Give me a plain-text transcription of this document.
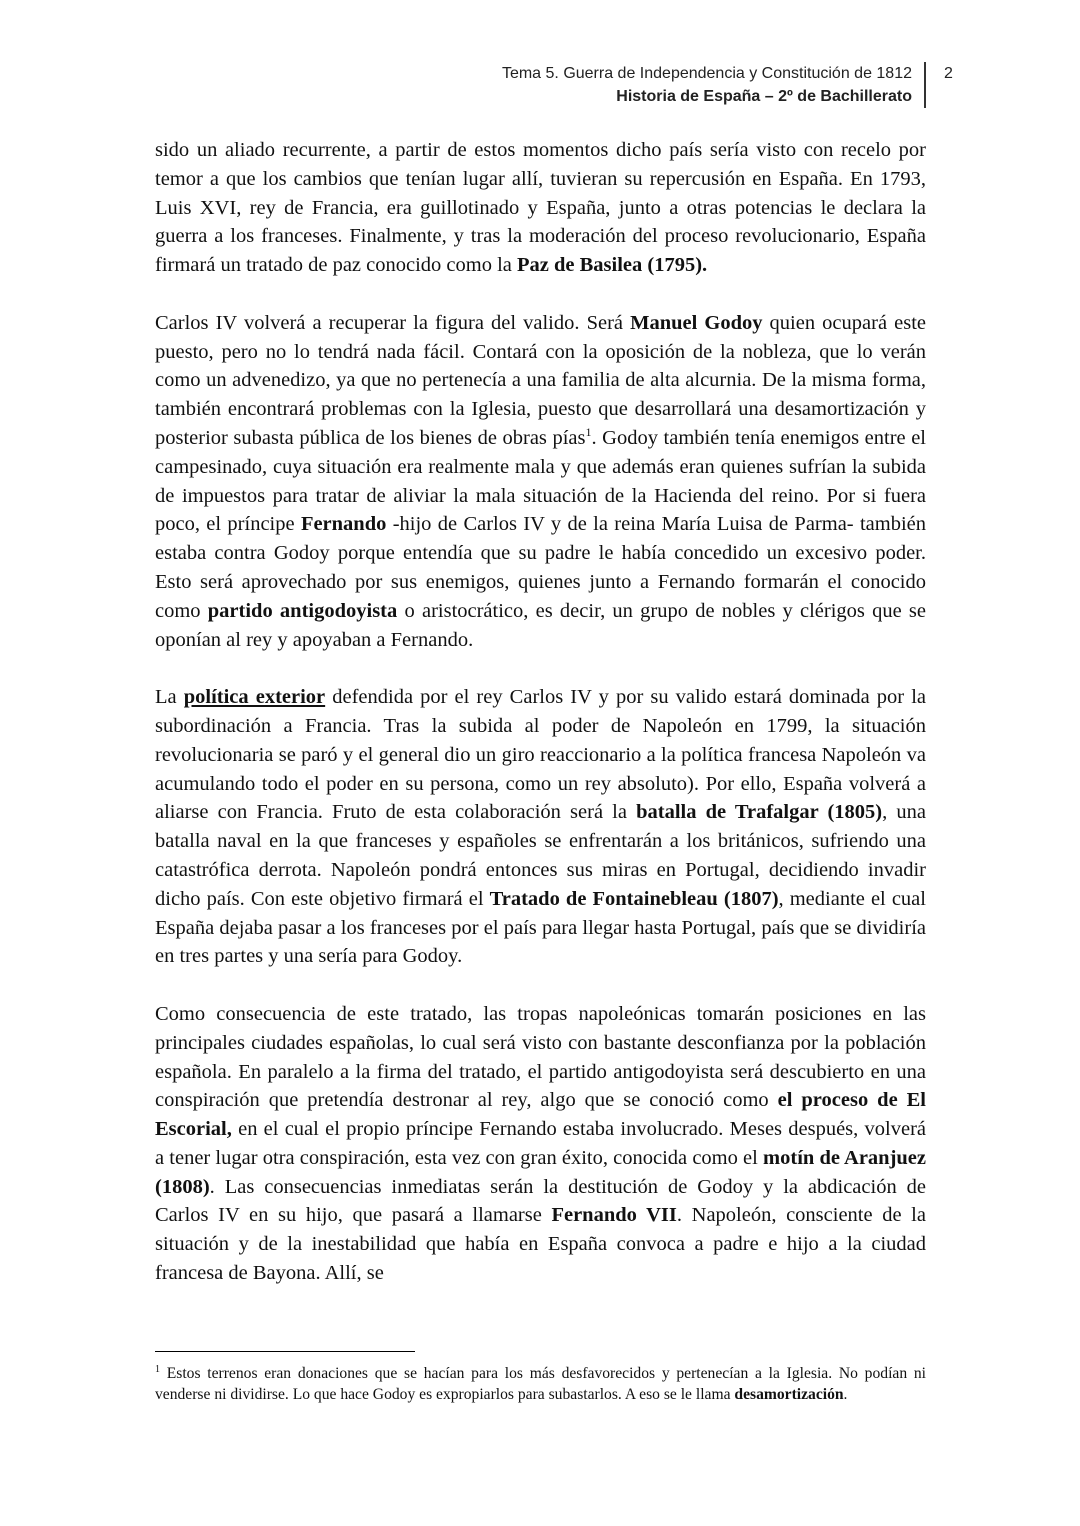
Tema 5. Guerra de Independencia y Constitución de 1812
Historia de España – 2º de Bachillerato
2

sido un aliado recurrente, a partir de estos momentos dicho país sería visto con recelo por temor a que los cambios que tenían lugar allí, tuvieran su repercusión en España. En 1793, Luis XVI, rey de Francia, era guillotinado y España, junto a otras potencias le declara la guerra a los franceses. Finalmente, y tras la moderación del proceso revolucionario, España firmará un tratado de paz conocido como la Paz de Basilea (1795).

Carlos IV volverá a recuperar la figura del valido. Será Manuel Godoy quien ocupará este puesto, pero no lo tendrá nada fácil. Contará con la oposición de la nobleza, que lo verán como un advenedizo, ya que no pertenecía a una familia de alta alcurnia. De la misma forma, también encontrará problemas con la Iglesia, puesto que desarrollará una desamortización y posterior subasta pública de los bienes de obras pías$^1$. Godoy también tenía enemigos entre el campesinado, cuya situación era realmente mala y que además eran quienes sufrían la subida de impuestos para tratar de aliviar la mala situación de la Hacienda del reino. Por si fuera poco, el príncipe Fernando -hijo de Carlos IV y de la reina María Luisa de Parma- también estaba contra Godoy porque entendía que su padre le había concedido un excesivo poder. Esto será aprovechado por sus enemigos, quienes junto a Fernando formarán el conocido como partido antigodoyista o aristocrático, es decir, un grupo de nobles y clérigos que se oponían al rey y apoyaban a Fernando.

La política exterior defendida por el rey Carlos IV y por su valido estará dominada por la subordinación a Francia. Tras la subida al poder de Napoleón en 1799, la situación revolucionaria se paró y el general dio un giro reaccionario a la política francesa Napoleón va acumulando todo el poder en su persona, como un rey absoluto). Por ello, España volverá a aliarse con Francia. Fruto de esta colaboración será la batalla de Trafalgar (1805), una batalla naval en la que franceses y españoles se enfrentarán a los británicos, sufriendo una catastrófica derrota. Napoleón pondrá entonces sus miras en Portugal, decidiendo invadir dicho país. Con este objetivo firmará el Tratado de Fontainebleau (1807), mediante el cual España dejaba pasar a los franceses por el país para llegar hasta Portugal, país que se dividiría en tres partes y una sería para Godoy.

Como consecuencia de este tratado, las tropas napoleónicas tomarán posiciones en las principales ciudades españolas, lo cual será visto con bastante desconfianza por la población española. En paralelo a la firma del tratado, el partido antigodoyista será descubierto en una conspiración que pretendía destronar al rey, algo que se conoció como el proceso de El Escorial, en el cual el propio príncipe Fernando estaba involucrado. Meses después, volverá a tener lugar otra conspiración, esta vez con gran éxito, conocida como el motín de Aranjuez (1808). Las consecuencias inmediatas serán la destitución de Godoy y la abdicación de Carlos IV en su hijo, que pasará a llamarse Fernando VII. Napoleón, consciente de la situación y de la inestabilidad que había en España convoca a padre e hijo a la ciudad francesa de Bayona. Allí, se

$^1$ Estos terrenos eran donaciones que se hacían para los más desfavorecidos y pertenecían a la Iglesia. No podían ni venderse ni dividirse. Lo que hace Godoy es expropiarlos para subastarlos. A eso se le llama desamortización.
